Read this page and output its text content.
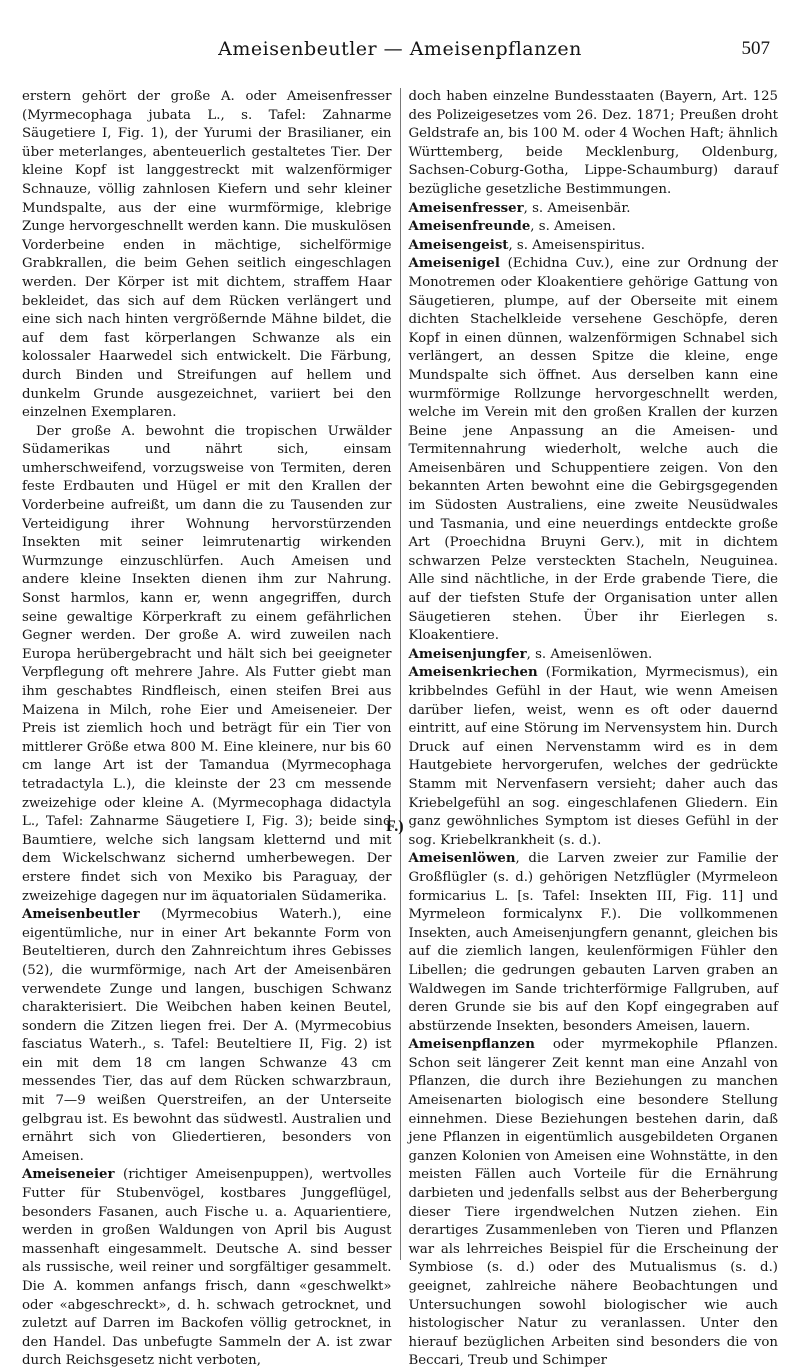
Ameisenbeutler — Ameisenpflanzen	507

erstern gehört der große A. oder Ameisenfresser (Myrmecophaga jubata L., s. Tafel: Zahnarme Säugetiere I, Fig. 1), der Yurumi der Brasilianer, ein über meterlanges, abenteuerlich gestaltetes Tier. Der kleine Kopf ist langgestreckt mit walzenförmiger Schnauze, völlig zahnlosen Kiefern und sehr kleiner Mundspalte, aus der eine wurmförmige, klebrige Zunge hervorgeschnellt werden kann. Die muskulösen Vorderbeine enden in mächtige, sichelförmige Grabkrallen, die beim Gehen seitlich eingeschlagen werden. Der Körper ist mit dichtem, straffem Haar bekleidet, das sich auf dem Rücken verlängert und eine sich nach hinten vergrößernde Mähne bildet, die auf dem fast körperlangen Schwanze als ein kolossaler Haarwedel sich entwickelt. Die Färbung, durch Binden und Streifungen auf hellem und dunkelm Grunde ausgezeichnet, variiert bei den einzelnen Exemplaren.

Der große A. bewohnt die tropischen Urwälder Südamerikas und nährt sich, einsam umherschweifend, vorzugsweise von Termiten, deren feste Erdbauten und Hügel er mit den Krallen der Vorderbeine aufreißt, um dann die zu Tausenden zur Verteidigung ihrer Wohnung hervorstürzenden Insekten mit seiner leimrutenartig wirkenden Wurmzunge einzuschlürfen. Auch Ameisen und andere kleine Insekten dienen ihm zur Nahrung. Sonst harmlos, kann er, wenn angegriffen, durch seine gewaltige Körperkraft zu einem gefährlichen Gegner werden. Der große A. wird zuweilen nach Europa herübergebracht und hält sich bei geeigneter Verpflegung oft mehrere Jahre. Als Futter giebt man ihm geschabtes Rindfleisch, einen steifen Brei aus Maizena in Milch, rohe Eier und Ameiseneier. Der Preis ist ziemlich hoch und beträgt für ein Tier von mittlerer Größe etwa 800 M. Eine kleinere, nur bis 60 cm lange Art ist der Tamandua (Myrmecophaga tetradactyla L.), die kleinste der 23 cm messende zweizehige oder kleine A. (Myrmecophaga didactyla L., Tafel: Zahnarme Säugetiere I, Fig. 3); beide sind Baumtiere, welche sich langsam kletternd und mit dem Wickelschwanz sichernd umherbewegen. Der erstere findet sich von Mexiko bis Paraguay, der zweizehige dagegen nur im äquatorialen Südamerika.

Ameisenbeutler (Myrmecobius Waterh.), eine eigentümliche, nur in einer Art bekannte Form von Beuteltieren, durch den Zahnreichtum ihres Gebisses (52), die wurmförmige, nach Art der Ameisenbären verwendete Zunge und langen, buschigen Schwanz charakterisiert. Die Weibchen haben keinen Beutel, sondern die Zitzen liegen frei. Der A. (Myrmecobius fasciatus Waterh., s. Tafel: Beuteltiere II, Fig. 2) ist ein mit dem 18 cm langen Schwanze 43 cm messendes Tier, das auf dem Rücken schwarzbraun, mit 7—9 weißen Querstreifen, an der Unterseite gelbgrau ist. Es bewohnt das südwestl. Australien und ernährt sich von Gliedertieren, besonders von Ameisen.

Ameiseneier (richtiger Ameisenpuppen), wertvolles Futter für Stubenvögel, kostbares Junggeflügel, besonders Fasanen, auch Fische u. a. Aquarientiere, werden in großen Waldungen von April bis August massenhaft eingesammelt. Deutsche A. sind besser als russische, weil reiner und sorgfältiger gesammelt. Die A. kommen anfangs frisch, dann «geschwelkt» oder «abgeschreckt», d. h. schwach getrocknet, und zuletzt auf Darren im Backofen völlig getrocknet, in den Handel. Das unbefugte Sammeln der A. ist zwar durch Reichsgesetz nicht verboten,

doch haben einzelne Bundesstaaten (Bayern, Art. 125 des Polizeigesetzes vom 26. Dez. 1871; Preußen droht Geldstrafe an, bis 100 M. oder 4 Wochen Haft; ähnlich Württemberg, beide Mecklenburg, Oldenburg, Sachsen-Coburg-Gotha, Lippe-Schaumburg) darauf bezügliche gesetzliche Bestimmungen.

Ameisenfresser, s. Ameisenbär.

Ameisenfreunde, s. Ameisen.

Ameisengeist, s. Ameisenspiritus.

Ameisenigel (Echidna Cuv.), eine zur Ordnung der Monotremen oder Kloakentiere gehörige Gattung von Säugetieren, plumpe, auf der Oberseite mit einem dichten Stachelkleide versehene Geschöpfe, deren Kopf in einen dünnen, walzenförmigen Schnabel sich verlängert, an dessen Spitze die kleine, enge Mundspalte sich öffnet. Aus derselben kann eine wurmförmige Rollzunge hervorgeschnellt werden, welche im Verein mit den großen Krallen der kurzen Beine jene Anpassung an die Ameisen- und Termitennahrung wiederholt, welche auch die Ameisenbären und Schuppentiere zeigen. Von den bekannten Arten bewohnt eine die Gebirgsgegenden im Südosten Australiens, eine zweite Neusüdwales und Tasmania, und eine neuerdings entdeckte große Art (Proechidna Bruyni Gerv.), mit in dichtem schwarzen Pelze versteckten Stacheln, Neuguinea. Alle sind nächtliche, in der Erde grabende Tiere, die auf der tiefsten Stufe der Organisation unter allen Säugetieren stehen. Über ihr Eierlegen s. Kloakentiere.

Ameisenjungfer, s. Ameisenlöwen.

Ameisenkriechen (Formikation, Myrmecismus), ein kribbelndes Gefühl in der Haut, wie wenn Ameisen darüber liefen, weist, wenn es oft oder dauernd eintritt, auf eine Störung im Nervensystem hin. Durch Druck auf einen Nervenstamm wird es in dem Hautgebiete hervorgerufen, welches der gedrückte Stamm mit Nervenfasern versieht; daher auch das Kriebelgefühl an sog. eingeschlafenen Gliedern. Ein ganz gewöhnliches Symptom ist dieses Gefühl in der sog. Kriebelkrankheit (s. d.).

Ameisenlöwen, die Larven zweier zur Familie der Großflügler (s. d.) gehörigen Netzflügler (Myrmeleon formicarius L. [s. Tafel: Insekten III, Fig. 11] und Myrmeleon formicalynx F.). Die vollkommenen Insekten, auch Ameisenjungfern genannt, gleichen bis auf die ziemlich langen, keulenförmigen Fühler den Libellen; die gedrungen gebauten Larven graben an Waldwegen im Sande trichterförmige Fallgruben, auf deren Grunde sie bis auf den Kopf eingegraben auf abstürzende Insekten, besonders Ameisen, lauern.

Ameisenpflanzen oder myrmekophile Pflanzen. Schon seit längerer Zeit kennt man eine Anzahl von Pflanzen, die durch ihre Beziehungen zu manchen Ameisenarten biologisch eine besondere Stellung einnehmen. Diese Beziehungen bestehen darin, daß jene Pflanzen in eigentümlich ausgebildeten Organen ganzen Kolonien von Ameisen eine Wohnstätte, in den meisten Fällen auch Vorteile für die Ernährung darbieten und jedenfalls selbst aus der Beherbergung dieser Tiere irgendwelchen Nutzen ziehen. Ein derartiges Zusammenleben von Tieren und Pflanzen war als lehrreiches Beispiel für die Erscheinung der Symbiose (s. d.) oder des Mutualismus (s. d.) geeignet, zahlreiche nähere Beobachtungen und Untersuchungen sowohl biologischer wie auch histologischer Natur zu veranlassen. Unter den hierauf bezüglichen Arbeiten sind besonders die von Beccari, Treub und Schimper

F.)
